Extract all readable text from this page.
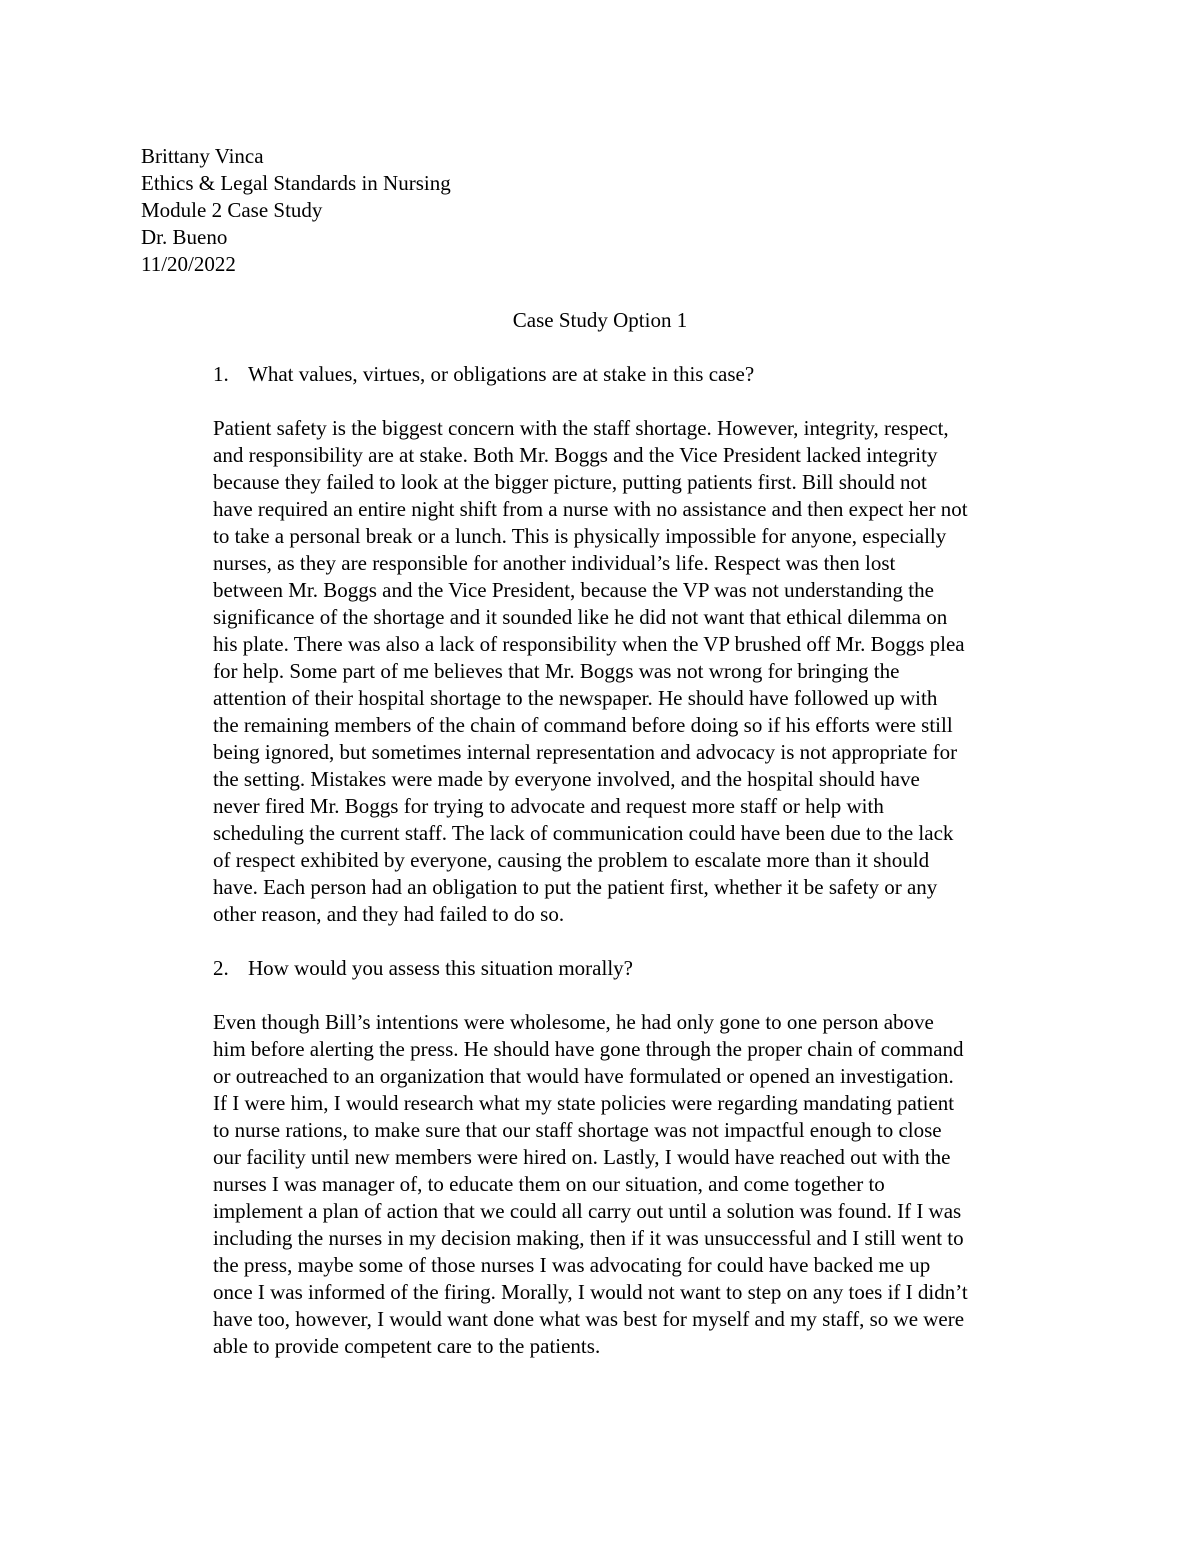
Brittany Vinca
Ethics & Legal Standards in Nursing
Module 2 Case Study
Dr. Bueno
11/20/2022
Case Study Option 1
1. What values, virtues, or obligations are at stake in this case?
Patient safety is the biggest concern with the staff shortage. However, integrity, respect,
and responsibility are at stake. Both Mr. Boggs and the Vice President lacked integrity
because they failed to look at the bigger picture, putting patients first. Bill should not
have required an entire night shift from a nurse with no assistance and then expect her not
to take a personal break or a lunch. This is physically impossible for anyone, especially
nurses, as they are responsible for another individual’s life. Respect was then lost
between Mr. Boggs and the Vice President, because the VP was not understanding the
significance of the shortage and it sounded like he did not want that ethical dilemma on
his plate. There was also a lack of responsibility when the VP brushed off Mr. Boggs plea
for help. Some part of me believes that Mr. Boggs was not wrong for bringing the
attention of their hospital shortage to the newspaper. He should have followed up with
the remaining members of the chain of command before doing so if his efforts were still
being ignored, but sometimes internal representation and advocacy is not appropriate for
the setting. Mistakes were made by everyone involved, and the hospital should have
never fired Mr. Boggs for trying to advocate and request more staff or help with
scheduling the current staff. The lack of communication could have been due to the lack
of respect exhibited by everyone, causing the problem to escalate more than it should
have. Each person had an obligation to put the patient first, whether it be safety or any
other reason, and they had failed to do so.
2. How would you assess this situation morally?
Even though Bill’s intentions were wholesome, he had only gone to one person above
him before alerting the press. He should have gone through the proper chain of command
or outreached to an organization that would have formulated or opened an investigation.
If I were him, I would research what my state policies were regarding mandating patient
to nurse rations, to make sure that our staff shortage was not impactful enough to close
our facility until new members were hired on. Lastly, I would have reached out with the
nurses I was manager of, to educate them on our situation, and come together to
implement a plan of action that we could all carry out until a solution was found. If I was
including the nurses in my decision making, then if it was unsuccessful and I still went to
the press, maybe some of those nurses I was advocating for could have backed me up
once I was informed of the firing. Morally, I would not want to step on any toes if I didn’t
have too, however, I would want done what was best for myself and my staff, so we were
able to provide competent care to the patients.
